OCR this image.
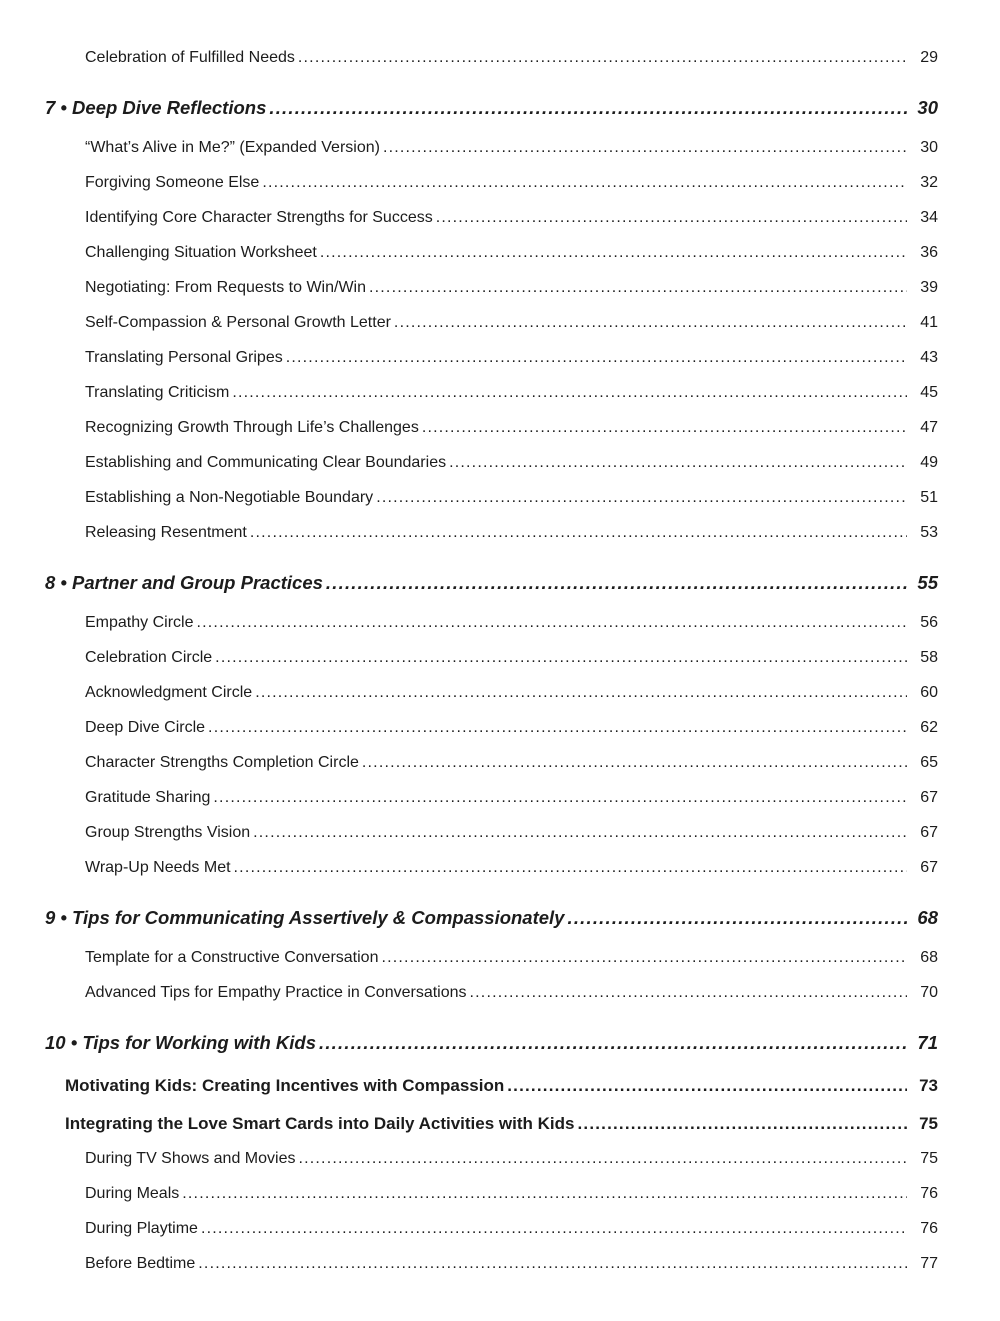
Celebration of Fulfilled Needs .....	29
7 • Deep Dive Reflections .....	30
“What’s Alive in Me?” (Expanded Version) .....	30
Forgiving Someone Else .....	32
Identifying Core Character Strengths for Success .....	34
Challenging Situation Worksheet .....	36
Negotiating: From Requests to Win/Win .....	39
Self-Compassion & Personal Growth Letter .....	41
Translating Personal Gripes .....	43
Translating Criticism .....	45
Recognizing Growth Through Life’s Challenges .....	47
Establishing and Communicating Clear Boundaries .....	49
Establishing a Non-Negotiable Boundary .....	51
Releasing Resentment .....	53
8 • Partner and Group Practices .....	55
Empathy Circle .....	56
Celebration Circle .....	58
Acknowledgment Circle .....	60
Deep Dive Circle .....	62
Character Strengths Completion Circle .....	65
Gratitude Sharing .....	67
Group Strengths Vision .....	67
Wrap-Up Needs Met .....	67
9 • Tips for Communicating Assertively & Compassionately .....	68
Template for a Constructive Conversation .....	68
Advanced Tips for Empathy Practice in Conversations .....	70
10 • Tips for Working with Kids .....	71
Motivating Kids: Creating Incentives with Compassion .....	73
Integrating the Love Smart Cards into Daily Activities with Kids .....	75
During TV Shows and Movies .....	75
During Meals .....	76
During Playtime .....	76
Before Bedtime .....	77
